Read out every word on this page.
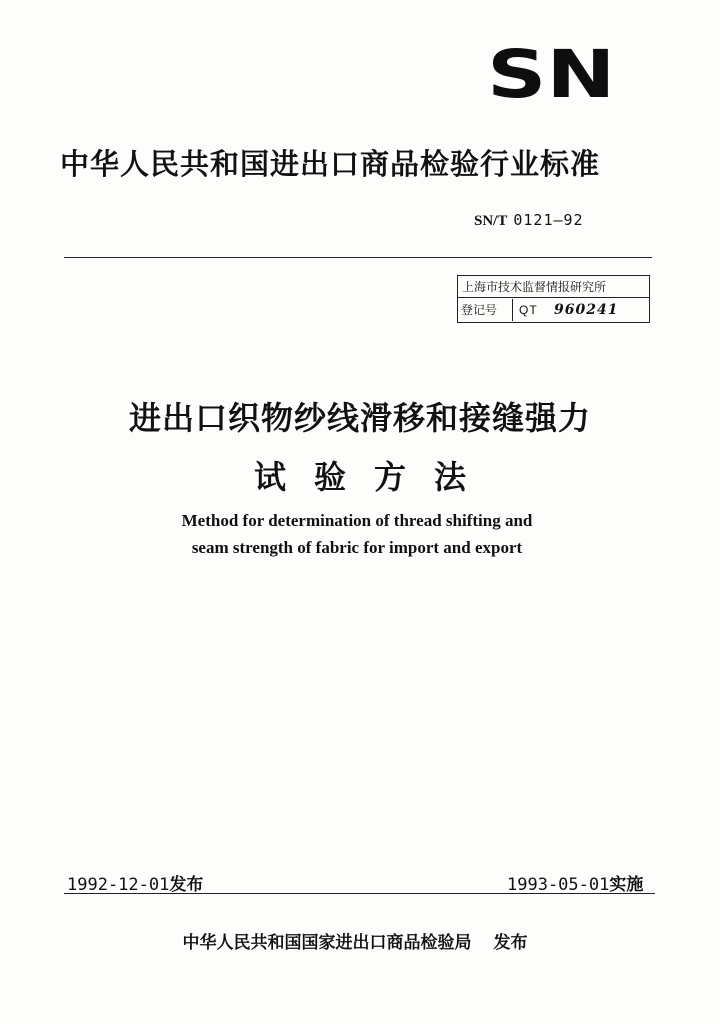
SN
中华人民共和国进出口商品检验行业标准
SN/T 0121—92
上海市技术监督情报研究所
登记号	QT 960241
进出口织物纱线滑移和接缝强力
试验方法
Method for determination of thread shifting and
seam strength of fabric for import and export
1992-12-01发布	1993-05-01实施
中华人民共和国国家进出口商品检验局 发布
